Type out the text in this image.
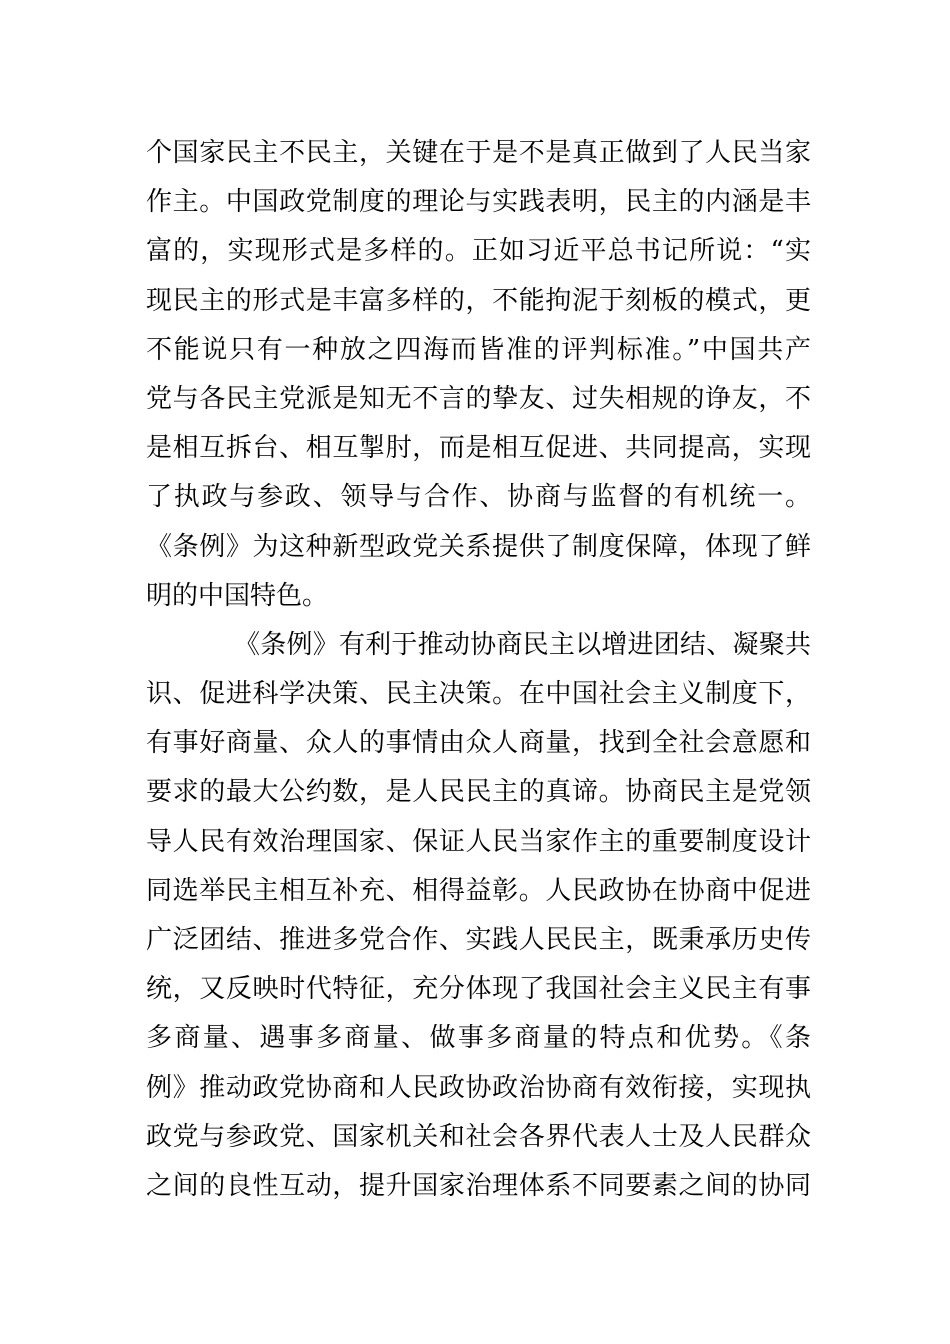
个国家民主不民主，关键在于是不是真正做到了人民当家
作主。中国政党制度的理论与实践表明，民主的内涵是丰
富的，实现形式是多样的。正如习近平总书记所说：“实
现民主的形式是丰富多样的，不能拘泥于刻板的模式，更
不能说只有一种放之四海而皆准的评判标准。”中国共产
党与各民主党派是知无不言的挚友、过失相规的诤友，不
是相互拆台、相互掣肘，而是相互促进、共同提高，实现
了执政与参政、领导与合作、协商与监督的有机统一。
《条例》为这种新型政党关系提供了制度保障，体现了鲜
明的中国特色。
《条例》有利于推动协商民主以增进团结、凝聚共
识、促进科学决策、民主决策。在中国社会主义制度下，
有事好商量、众人的事情由众人商量，找到全社会意愿和
要求的最大公约数，是人民民主的真谛。协商民主是党领
导人民有效治理国家、保证人民当家作主的重要制度设计
同选举民主相互补充、相得益彰。人民政协在协商中促进
广泛团结、推进多党合作、实践人民民主，既秉承历史传
统，又反映时代特征，充分体现了我国社会主义民主有事
多商量、遇事多商量、做事多商量的特点和优势。《条
例》推动政党协商和人民政协政治协商有效衔接，实现执
政党与参政党、国家机关和社会各界代表人士及人民群众
之间的良性互动，提升国家治理体系不同要素之间的协同
